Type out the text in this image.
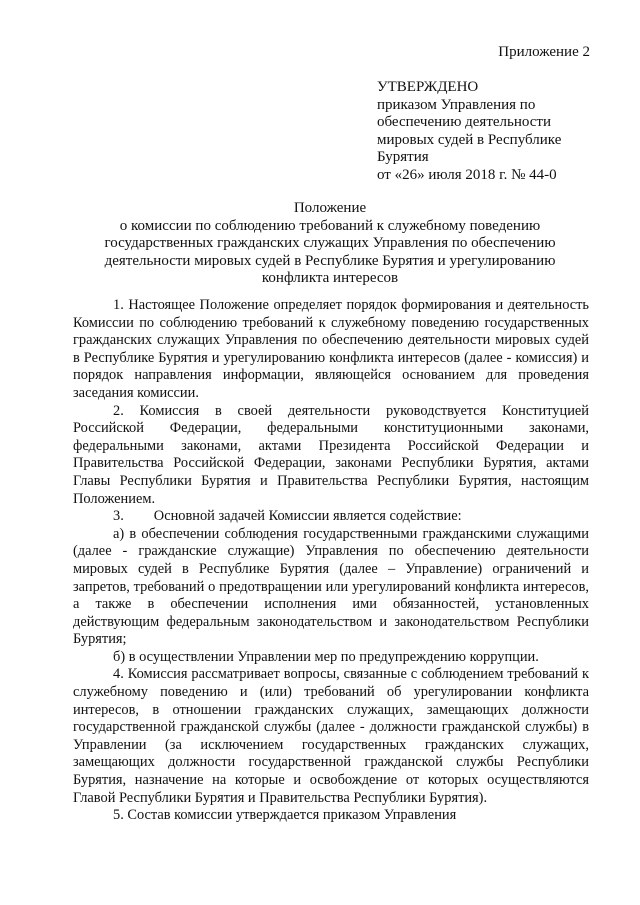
Приложение 2
УТВЕРЖДЕНО
приказом Управления по
обеспечению деятельности
мировых судей в Республике
Бурятия
от «26» июля 2018 г. № 44-0
Положение
о комиссии по соблюдению требований к служебному поведению
государственных гражданских служащих Управления по обеспечению
деятельности мировых судей в Республике Бурятия и урегулированию
конфликта интересов

1. Настоящее Положение определяет порядок формирования и деятельность Комиссии по соблюдению требований к служебному поведению государственных гражданских служащих Управления по обеспечению деятельности мировых судей в Республике Бурятия и урегулированию конфликта интересов (далее - комиссия) и порядок направления информации, являющейся основанием для проведения заседания комиссии.

2. Комиссия в своей деятельности руководствуется Конституцией Российской Федерации, федеральными конституционными законами, федеральными законами, актами Президента Российской Федерации и Правительства Российской Федерации, законами Республики Бурятия, актами Главы Республики Бурятия и Правительства Республики Бурятия, настоящим Положением.

3. Основной задачей Комиссии является содействие:

а) в обеспечении соблюдения государственными гражданскими служащими (далее - гражданские служащие) Управления по обеспечению деятельности мировых судей в Республике Бурятия (далее – Управление) ограничений и запретов, требований о предотвращении или урегулирований конфликта интересов, а также в обеспечении исполнения ими обязанностей, установленных действующим федеральным законодательством и законодательством Республики Бурятия;

б) в осуществлении Управлении мер по предупреждению коррупции.

4. Комиссия рассматривает вопросы, связанные с соблюдением требований к служебному поведению и (или) требований об урегулировании конфликта интересов, в отношении гражданских служащих, замещающих должности государственной гражданской службы (далее - должности гражданской службы) в Управлении (за исключением государственных гражданских служащих, замещающих должности государственной гражданской службы Республики Бурятия, назначение на которые и освобождение от которых осуществляются Главой Республики Бурятия и Правительства Республики Бурятия).

5. Состав комиссии утверждается приказом Управления
